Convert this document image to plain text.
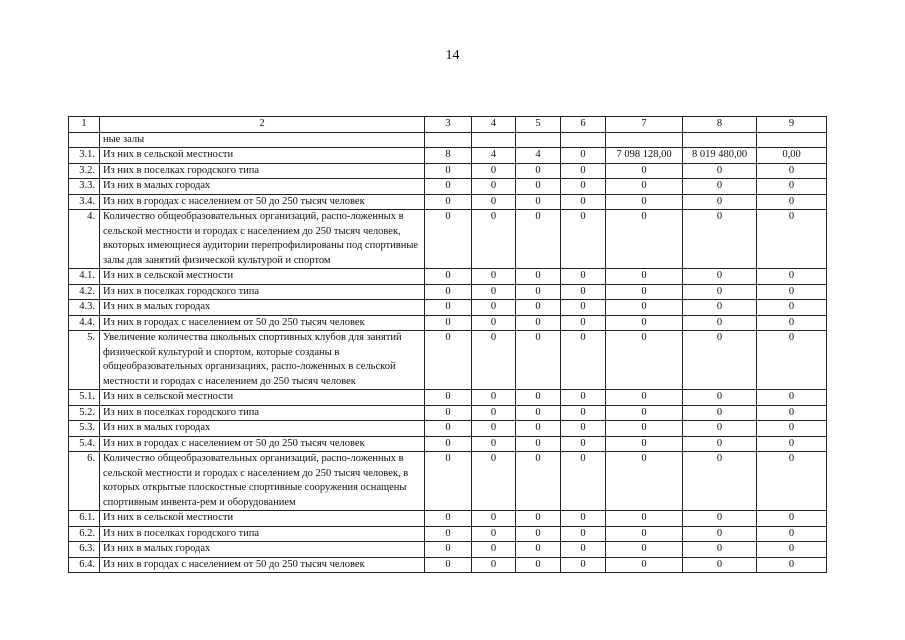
14
1	2	3	4	5	6	7	8	9
	ные залы							
3.1.	Из них в сельской местности	8	4	4	0	7 098 128,00	8 019 480,00	0,00
3.2.	Из них в поселках городского типа	0	0	0	0	0	0	0
3.3.	Из них в малых городах	0	0	0	0	0	0	0
3.4.	Из них в городах с населением от 50 до 250 тысяч человек	0	0	0	0	0	0	0
4.	Количество общеобразовательных организаций, распо-ложенных в сельской местности и городах с населением до 250 тысяч человек, вкоторых имеющиеся аудитории перепрофилированы под спортивные залы для занятий физической культурой и спортом	0	0	0	0	0	0	0
4.1.	Из них в сельской местности	0	0	0	0	0	0	0
4.2.	Из них в поселках городского типа	0	0	0	0	0	0	0
4.3.	Из них в малых городах	0	0	0	0	0	0	0
4.4.	Из них в городах с населением от 50 до 250 тысяч человек	0	0	0	0	0	0	0
5.	Увеличение количества школьных спортивных клубов для занятий физической культурой и спортом, которые созданы в общеобразовательных организациях, распо-ложенных в сельской местности и городах с населением до 250 тысяч человек	0	0	0	0	0	0	0
5.1.	Из них в сельской местности	0	0	0	0	0	0	0
5.2.	Из них в поселках городского типа	0	0	0	0	0	0	0
5.3.	Из них в малых городах	0	0	0	0	0	0	0
5.4.	Из них в городах с населением от 50 до 250 тысяч человек	0	0	0	0	0	0	0
6.	Количество общеобразовательных организаций, распо-ложенных в сельской местности и городах с населением до 250 тысяч человек, в которых открытые плоскостные спортивные сооружения оснащены спортивным инвента-рем и оборудованием	0	0	0	0	0	0	0
6.1.	Из них в сельской местности	0	0	0	0	0	0	0
6.2.	Из них в поселках городского типа	0	0	0	0	0	0	0
6.3.	Из них в малых городах	0	0	0	0	0	0	0
6.4.	Из них в городах с населением от 50 до 250 тысяч человек	0	0	0	0	0	0	0
